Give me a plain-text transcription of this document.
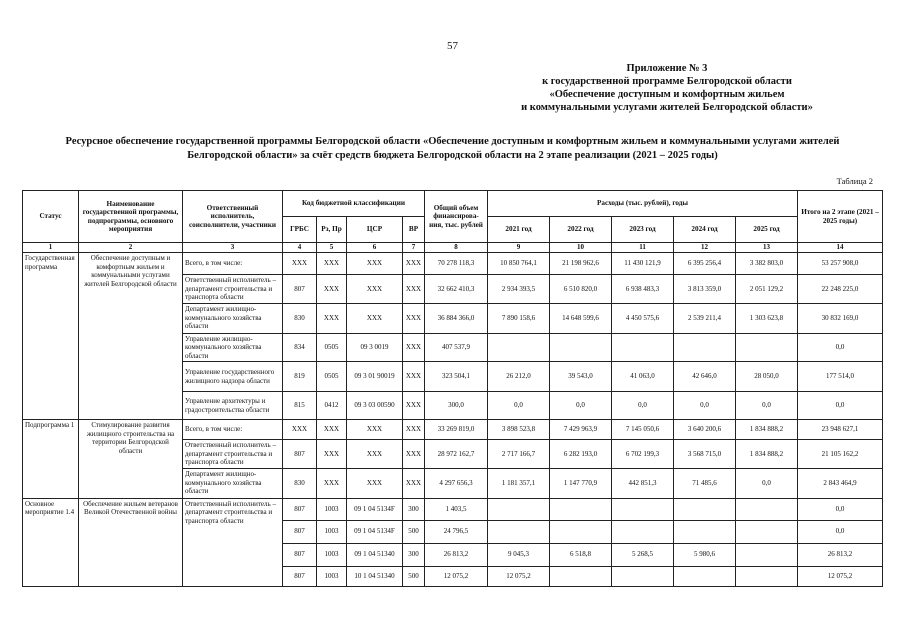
57
Приложение № 3
к государственной программе Белгородской области
«Обеспечение доступным и комфортным жильем
и коммунальными услугами жителей Белгородской области»
Ресурсное обеспечение государственной программы Белгородской области «Обеспечение доступным и комфортным жильем и коммунальными услугами жителей
Белгородской области» за счёт средств бюджета Белгородской области на 2 этапе реализации (2021 – 2025 годы)
Таблица 2
Статус	Наименование государственной программы, подпрограммы, основного мероприятия	Ответственный исполнитель, соисполнители, участники	Код бюджетной классификации				Общий объем финансирова-ния, тыс. рублей	Расходы (тыс. рублей), годы					Итого на 2 этапе (2021 – 2025 годы)
			ГРБС	Рз, Пр	ЦСР	ВР		2021 год	2022 год	2023 год	2024 год	2025 год	
1	2	3	4	5	6	7	8	9	10	11	12	13	14
Государственная программа	Обеспечение доступным и комфортным жильем и коммунальными услугами жителей Белгородской области	Всего, в том числе:	XXX	XXX	XXX	XXX	70 278 118,3	10 850 764,1	21 198 962,6	11 430 121,9	6 395 256,4	3 382 803,0	53 257 908,0
		Ответственный исполнитель – департамент строительства и транспорта области	807	XXX	XXX	XXX	32 662 410,3	2 934 393,5	6 510 820,0	6 938 483,3	3 813 359,0	2 051 129,2	22 248 225,0
		Департамент жилищно-коммунального хозяйства области	830	XXX	XXX	XXX	36 884 366,0	7 890 158,6	14 648 599,6	4 450 575,6	2 539 211,4	1 303 623,8	30 832 169,0
		Управление жилищно-коммунального хозяйства области	834	0505	09 3 0019	XXX	407 537,9						0,0
		Управление государственного жилищного надзора области	819	0505	09 3 01 90019	XXX	323 504,1	26 212,0	39 543,0	41 063,0	42 646,0	28 050,0	177 514,0
		Управление архитектуры и градостроительства области	815	0412	09 3 03 00590	XXX	300,0	0,0	0,0	0,0	0,0	0,0	0,0
Подпрограмма 1	Стимулирование развития жилищного строительства на территории Белгородской области	Всего, в том числе:	XXX	XXX	XXX	XXX	33 269 819,0	3 898 523,8	7 429 963,9	7 145 050,6	3 640 200,6	1 834 888,2	23 948 627,1
		Ответственный исполнитель – департамент строительства и транспорта области	807	XXX	XXX	XXX	28 972 162,7	2 717 166,7	6 282 193,0	6 702 199,3	3 568 715,0	1 834 888,2	21 105 162,2
		Департамент жилищно-коммунального хозяйства области	830	XXX	XXX	XXX	4 297 656,3	1 181 357,1	1 147 770,9	442 851,3	71 485,6	0,0	2 843 464,9
Основное мероприятие 1.4	Обеспечение жильем ветеранов Великой Отечественной войны	Ответственный исполнитель – департамент строительства и транспорта области	807	1003	09 1 04 5134F	300	1 403,5						0,0
			807	1003	09 1 04 5134F	500	24 796,5						0,0
			807	1003	09 1 04 51340	300	26 813,2	9 045,3	6 518,8	5 268,5	5 980,6		26 813,2
			807	1003	10 1 04 51340	500	12 075,2	12 075,2					12 075,2
